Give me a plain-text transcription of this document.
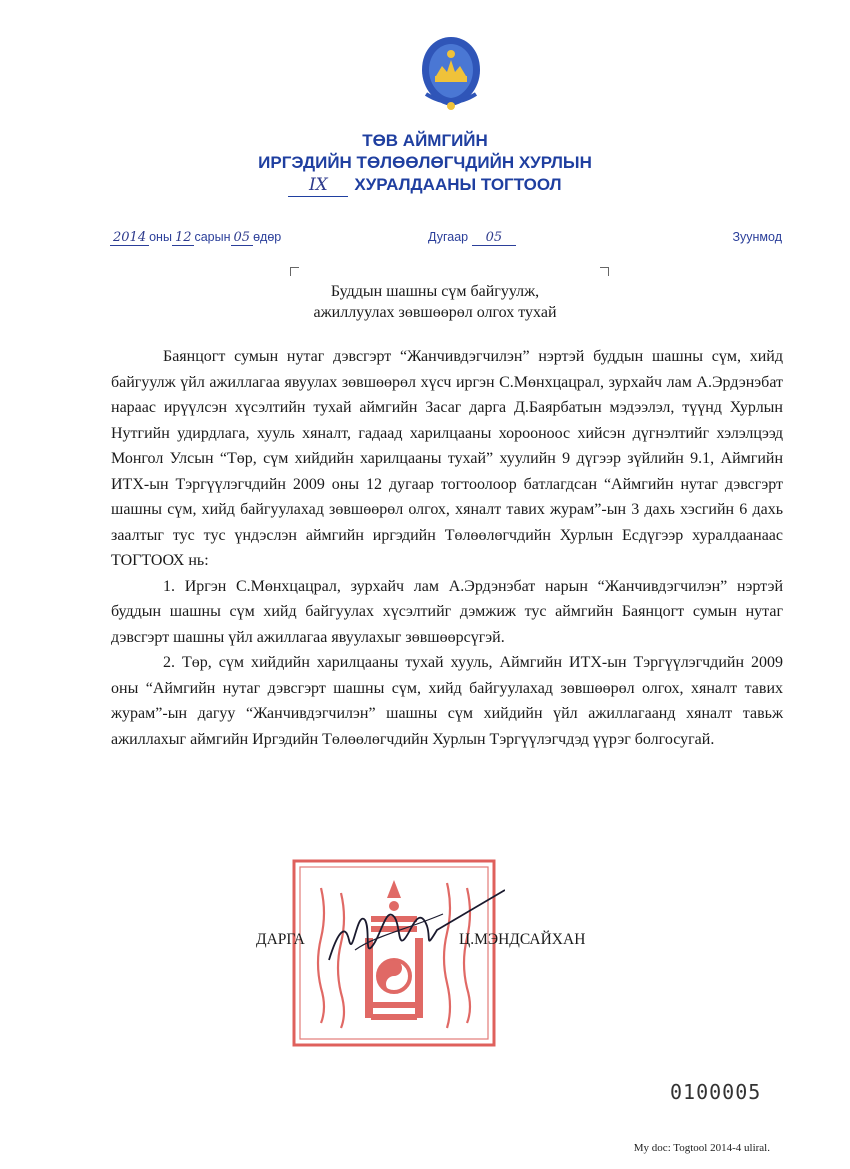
ТӨВ АЙМГИЙН
ИРГЭДИЙН ТӨЛӨӨЛӨГЧДИЙН ХУРЛЫН
IX ХУРАЛДААНЫ ТОГТООЛ
2014 оны 12 сарын 05 өдөр	Дугаар 05	Зуунмод
Буддын шашны сүм байгуулж,
ажиллуулах зөвшөөрөл олгох тухай

Баянцогт сумын нутаг дэвсгэрт “Жанчивдэгчилэн” нэртэй буддын шашны сүм, хийд байгуулж үйл ажиллагаа явуулах зөвшөөрөл хүсч иргэн С.Мөнхцацрал, зурхайч лам А.Эрдэнэбат нараас ирүүлсэн хүсэлтийн тухай аймгийн Засаг дарга Д.Баярбатын мэдээлэл, түүнд Хурлын Нутгийн удирдлага, хууль хяналт, гадаад харилцааны хорооноос хийсэн дүгнэлтийг хэлэлцээд Монгол Улсын “Төр, сүм хийдийн харилцааны тухай” хуулийн 9 дүгээр зүйлийн 9.1, Аймгийн ИТХ-ын Тэргүүлэгчдийн 2009 оны 12 дугаар тогтоолоор батлагдсан “Аймгийн нутаг дэвсгэрт шашны сүм, хийд байгуулахад зөвшөөрөл олгох, хяналт тавих журам”-ын 3 дахь хэсгийн 6 дахь заалтыг тус тус үндэслэн аймгийн иргэдийн Төлөөлөгчдийн Хурлын Есдүгээр хуралдаанаас ТОГТООХ нь:

1. Иргэн С.Мөнхцацрал, зурхайч лам А.Эрдэнэбат нарын “Жанчивдэгчилэн” нэртэй буддын шашны сүм хийд байгуулах хүсэлтийг дэмжиж тус аймгийн Баянцогт сумын нутаг дэвсгэрт шашны үйл ажиллагаа явуулахыг зөвшөөрсүгэй.

2. Төр, сүм хийдийн харилцааны тухай хууль, Аймгийн ИТХ-ын Тэргүүлэгчдийн 2009 оны “Аймгийн нутаг дэвсгэрт шашны сүм, хийд байгуулахад зөвшөөрөл олгох, хяналт тавих журам”-ын дагуу “Жанчивдэгчилэн” шашны сүм хийдийн үйл ажиллагаанд хяналт тавьж ажиллахыг аймгийн Иргэдийн Төлөөлөгчдийн Хурлын Тэргүүлэгчдэд үүрэг болгосугай.

ДАРГА	Ц.МЭНДСАЙХАН
0100005
My doc: Togtool 2014-4 uliral.
